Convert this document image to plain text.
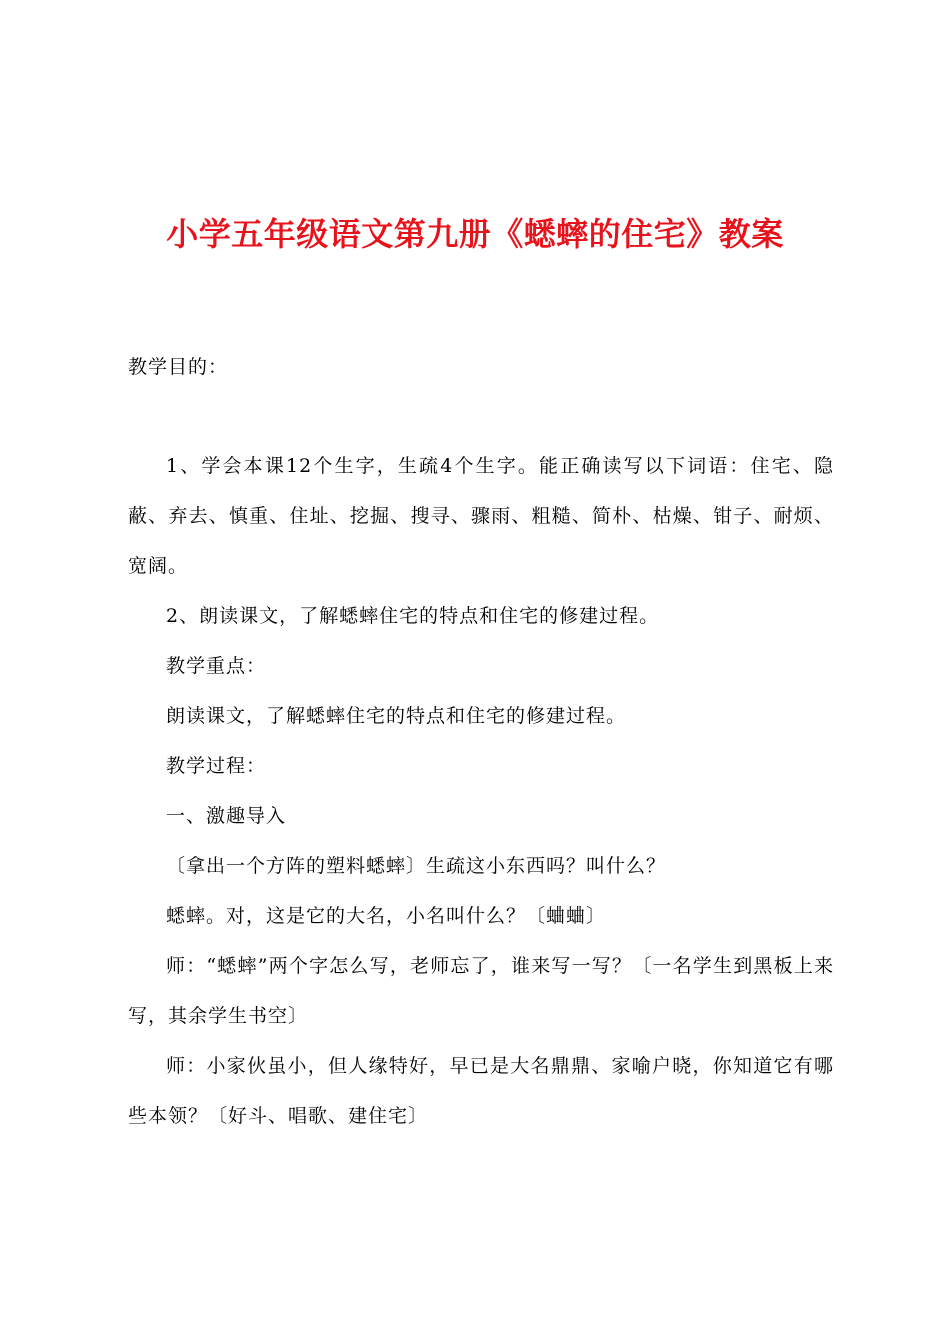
小学五年级语文第九册《蟋蟀的住宅》教案

教学目的：

1、学会本课12个生字，生疏4个生字。能正确读写以下词语：住宅、隐蔽、弃去、慎重、住址、挖掘、搜寻、骤雨、粗糙、简朴、枯燥、钳子、耐烦、宽阔。

2、朗读课文，了解蟋蟀住宅的特点和住宅的修建过程。

教学重点：

朗读课文，了解蟋蟀住宅的特点和住宅的修建过程。

教学过程：

一、激趣导入

〔拿出一个方阵的塑料蟋蟀〕生疏这小东西吗？叫什么？

蟋蟀。对，这是它的大名，小名叫什么？〔蛐蛐〕

师：“蟋蟀”两个字怎么写，老师忘了，谁来写一写？〔一名学生到黑板上来写，其余学生书空〕

师：小家伙虽小，但人缘特好，早已是大名鼎鼎、家喻户晓，你知道它有哪些本领？〔好斗、唱歌、建住宅〕
